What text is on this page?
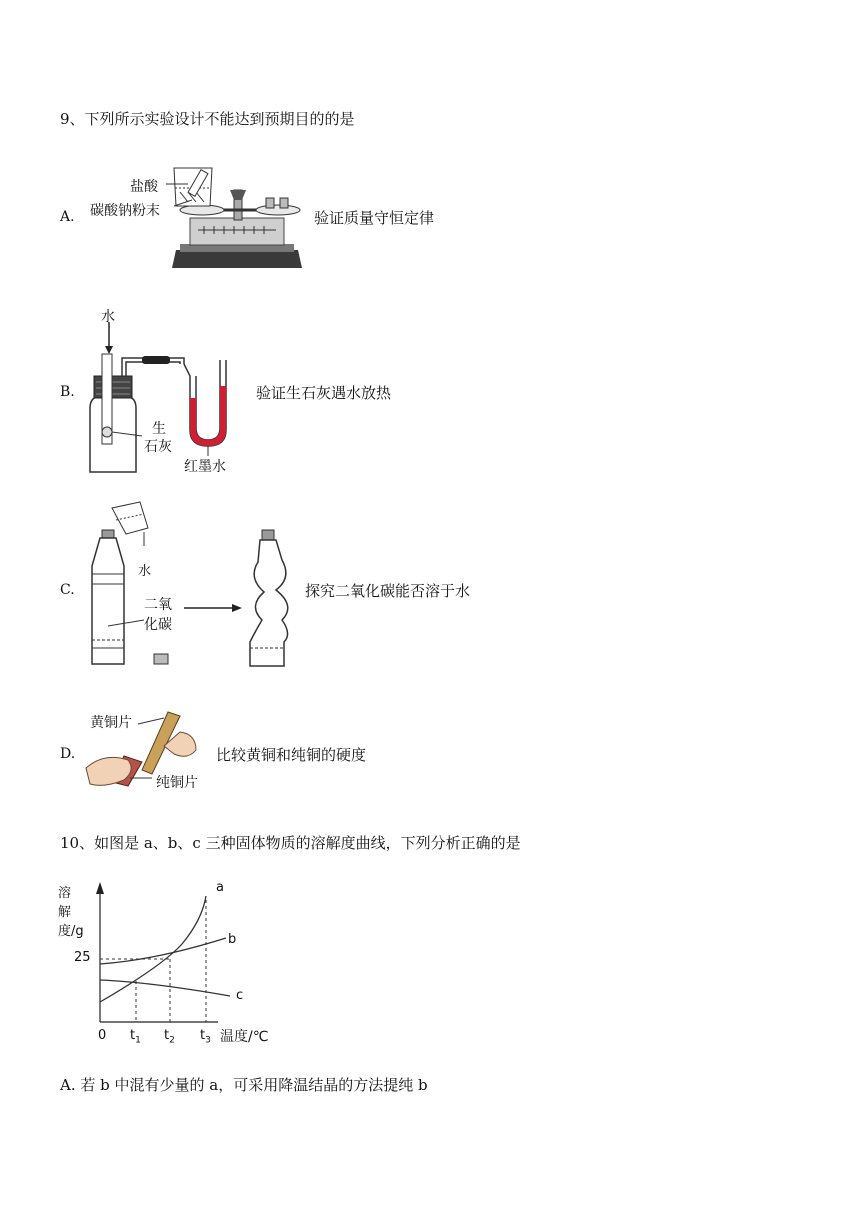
9、下列所示实验设计不能达到预期目的的是
A.
盐酸
碳酸钠粉末	验证质量守恒定律
B.
水
生
石灰
红墨水
验证生石灰遇水放热
C.
水
二氧
化碳
探究二氧化碳能否溶于水
D.
黄铜片
纯铜片
比较黄铜和纯铜的硬度
10、如图是 a、b、c 三种固体物质的溶解度曲线，下列分析正确的是
溶解度/g
25
0 $t_1$ $t_2$ $t_3$ 温度/℃
a
b
c
A. 若 b 中混有少量的 a，可采用降温结晶的方法提纯 b
